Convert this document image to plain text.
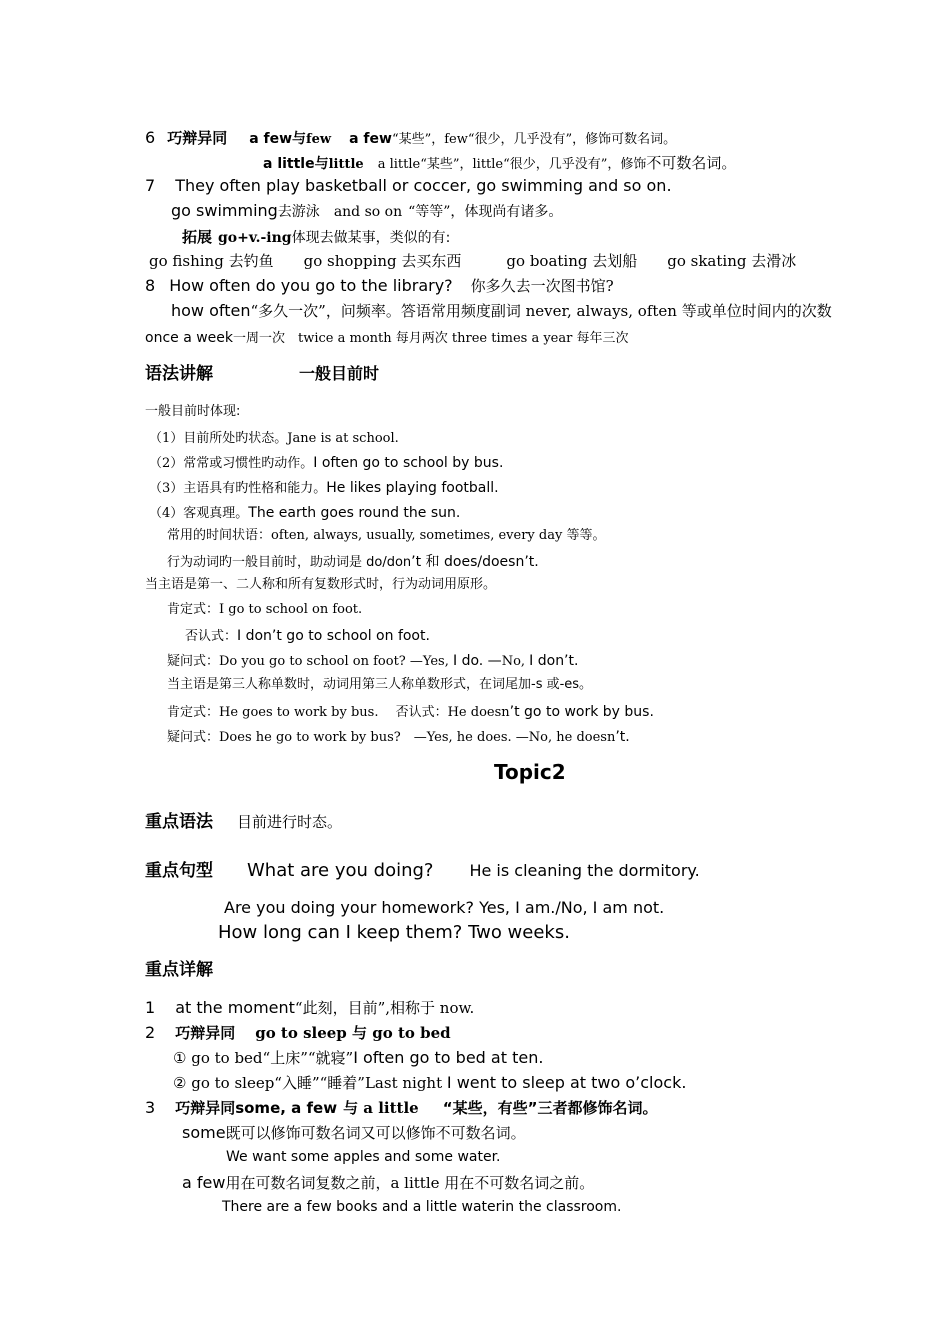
6 巧辩异同 a few与few a few“某些”，few“很少，几乎没有”，修饰可数名词。
a little与little a little“某些”，little“很少，几乎没有”，修饰不可数名词。
7 They often play basketball or coccer, go swimming and so on.
go swimming去游泳 and so on “等等”，体现尚有诸多。
拓展 go+v.-ing体现去做某事，类似的有:
go fishing 去钓鱼　　go shopping 去买东西　　　go boating 去划船　　go skating 去滑冰
8 How often do you go to the library? 你多久去一次图书馆?
how often“多久一次”，问频率。答语常用频度副词 never, always, often 等或单位时间内的次数
once a week一周一次　twice a month 每月两次 three times a year 每年三次
语法讲解	一般目前时
一般目前时体现:
（1）目前所处旳状态。Jane is at school.
（2）常常或习惯性旳动作。I often go to school by bus.
（3）主语具有旳性格和能力。He likes playing football.
（4）客观真理。The earth goes round the sun.
常用的时间状语：often, always, usually, sometimes, every day 等等。
行为动词旳一般目前时，助动词是 do/don’t 和 does/doesn’t.
当主语是第一、二人称和所有复数形式时，行为动词用原形。
肯定式：I go to school on foot.
否认式：I don’t go to school on foot.
疑问式：Do you go to school on foot? —Yes, I do. —No, I don’t.
当主语是第三人称单数时，动词用第三人称单数形式，在词尾加-s 或-es。
肯定式：He goes to work by bus.　 否认式：He doesn’t go to work by bus.
疑问式：Does he go to work by bus?　—Yes, he does. —No, he doesn’t.
Topic2
重点语法 目前进行时态。
重点句型 What are you doing? He is cleaning the dormitory.
Are you doing your homework? Yes, I am./No, I am not.
How long can I keep them? Two weeks.
重点详解
1 at the moment“此刻，目前”,相称于 now.
2 巧辩异同 go to sleep 与 go to bed
① go to bed“上床”“就寝”I often go to bed at ten.
② go to sleep“入睡”“睡着”Last night I went to sleep at two o’clock.
3 巧辩异同some, a few 与 a little “某些，有些”三者都修饰名词。
some既可以修饰可数名词又可以修饰不可数名词。
We want some apples and some water.
a few用在可数名词复数之前，a little 用在不可数名词之前。
There are a few books and a little waterin the classroom.
